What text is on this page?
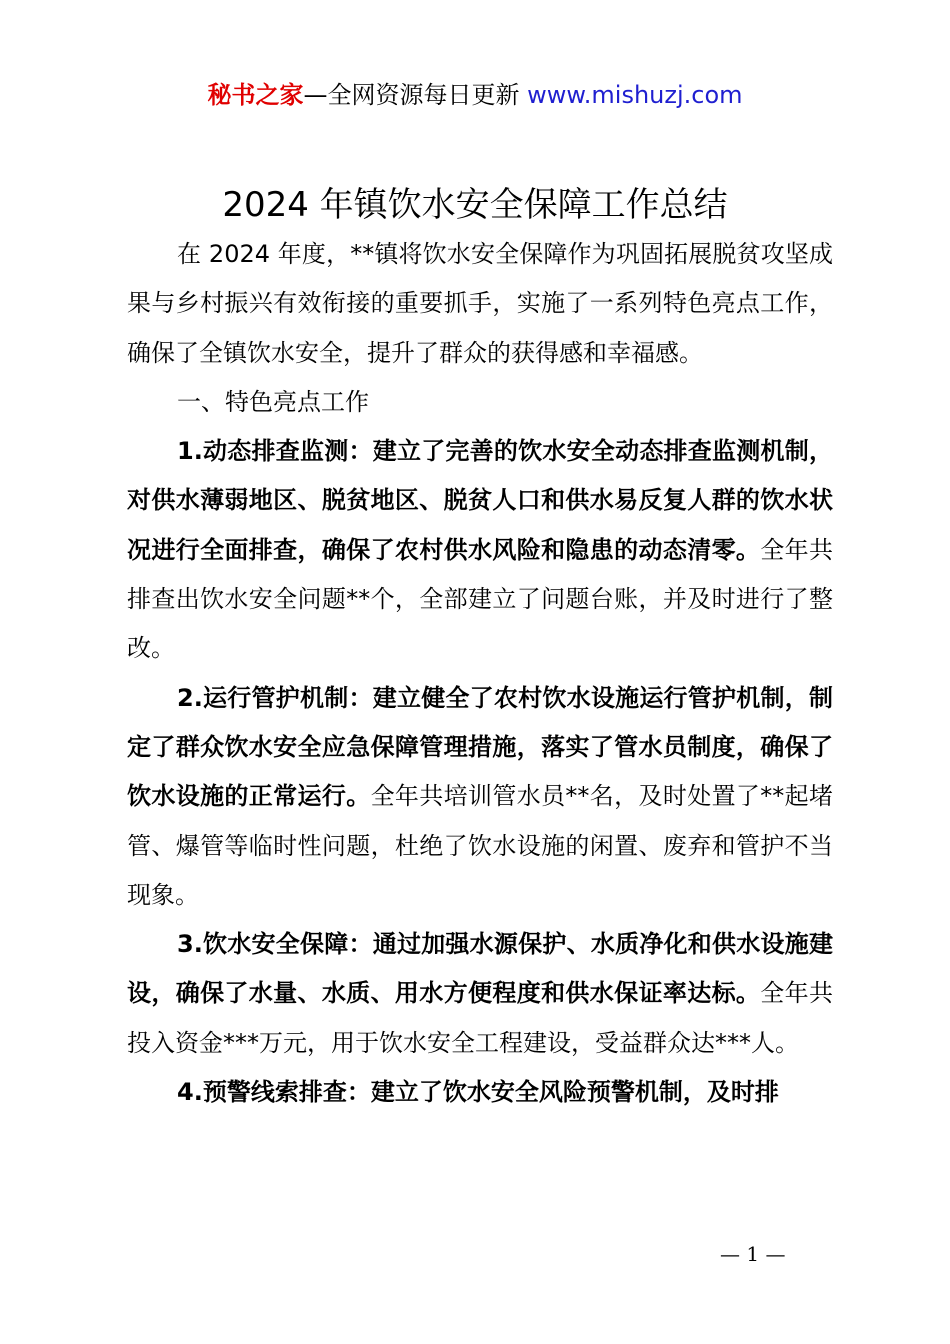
秘书之家—全网资源每日更新 www.mishuzj.com
2024 年镇饮水安全保障工作总结

在 2024 年度，**镇将饮水安全保障作为巩固拓展脱贫攻坚成果与乡村振兴有效衔接的重要抓手，实施了一系列特色亮点工作，确保了全镇饮水安全，提升了群众的获得感和幸福感。

一、特色亮点工作

1.动态排查监测：建立了完善的饮水安全动态排查监测机制，对供水薄弱地区、脱贫地区、脱贫人口和供水易反复人群的饮水状况进行全面排查，确保了农村供水风险和隐患的动态清零。全年共排查出饮水安全问题**个，全部建立了问题台账，并及时进行了整改。

2.运行管护机制：建立健全了农村饮水设施运行管护机制，制定了群众饮水安全应急保障管理措施，落实了管水员制度，确保了饮水设施的正常运行。全年共培训管水员**名，及时处置了**起堵管、爆管等临时性问题，杜绝了饮水设施的闲置、废弃和管护不当现象。

3.饮水安全保障：通过加强水源保护、水质净化和供水设施建设，确保了水量、水质、用水方便程度和供水保证率达标。全年共投入资金***万元，用于饮水安全工程建设，受益群众达***人。

4.预警线索排查：建立了饮水安全风险预警机制，及时排

— 1 —
